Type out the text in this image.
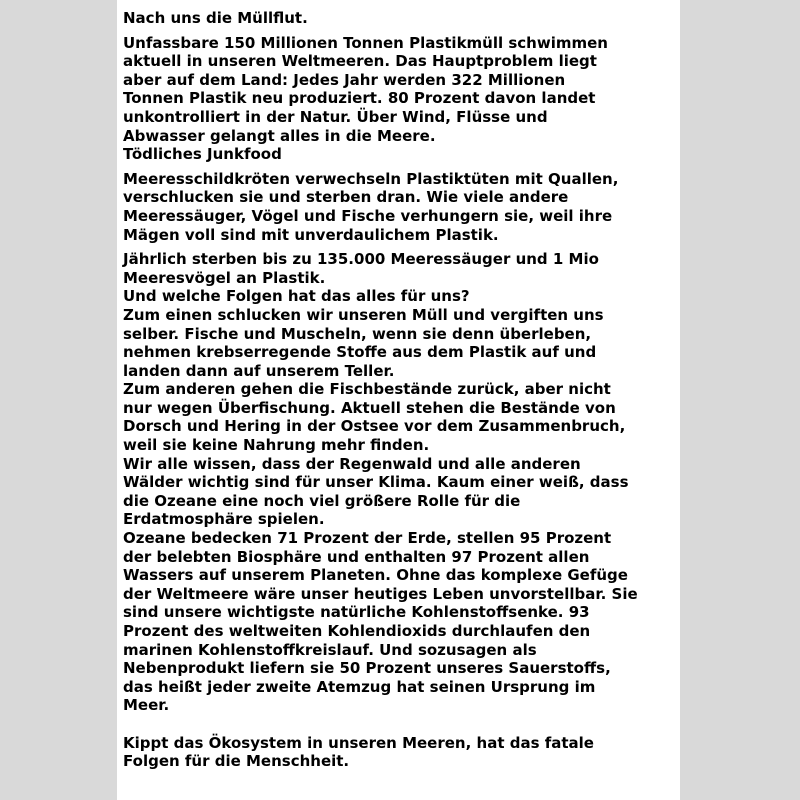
Nach uns die Müllflut.

Unfassbare 150 Millionen Tonnen Plastikmüll schwimmen

aktuell in unseren Weltmeeren. Das Hauptproblem liegt

aber auf dem Land: Jedes Jahr werden 322 Millionen

Tonnen Plastik neu produziert. 80 Prozent davon landet

unkontrolliert in der Natur. Über Wind, Flüsse und

Abwasser gelangt alles in die Meere.

Tödliches Junkfood

Meeresschildkröten verwechseln Plastiktüten mit Quallen,

verschlucken sie und sterben dran. Wie viele andere

Meeressäuger, Vögel und Fische verhungern sie, weil ihre

Mägen voll sind mit unverdaulichem Plastik.

Jährlich sterben bis zu 135.000 Meeressäuger und 1 Mio

Meeresvögel an Plastik.

Und welche Folgen hat das alles für uns?

Zum einen schlucken wir unseren Müll und vergiften uns

selber. Fische und Muscheln, wenn sie denn überleben,

nehmen krebserregende Stoffe aus dem Plastik auf und

landen dann auf unserem Teller.

Zum anderen gehen die Fischbestände zurück, aber nicht

nur wegen Überfischung. Aktuell stehen die Bestände von

Dorsch und Hering in der Ostsee vor dem Zusammenbruch,

weil sie keine Nahrung mehr finden.

Wir alle wissen, dass der Regenwald und alle anderen

Wälder wichtig sind für unser Klima. Kaum einer weiß, dass

die Ozeane eine noch viel größere Rolle für die

Erdatmosphäre spielen.

Ozeane bedecken 71 Prozent der Erde, stellen 95 Prozent

der belebten Biosphäre und enthalten 97 Prozent allen

Wassers auf unserem Planeten. Ohne das komplexe Gefüge

der Weltmeere wäre unser heutiges Leben unvorstellbar. Sie

sind unsere wichtigste natürliche Kohlenstoffsenke. 93

Prozent des weltweiten Kohlendioxids durchlaufen den

marinen Kohlenstoffkreislauf. Und sozusagen als

Nebenprodukt liefern sie 50 Prozent unseres Sauerstoffs,

das heißt jeder zweite Atemzug hat seinen Ursprung im

Meer.

Kippt das Ökosystem in unseren Meeren, hat das fatale

Folgen für die Menschheit.
